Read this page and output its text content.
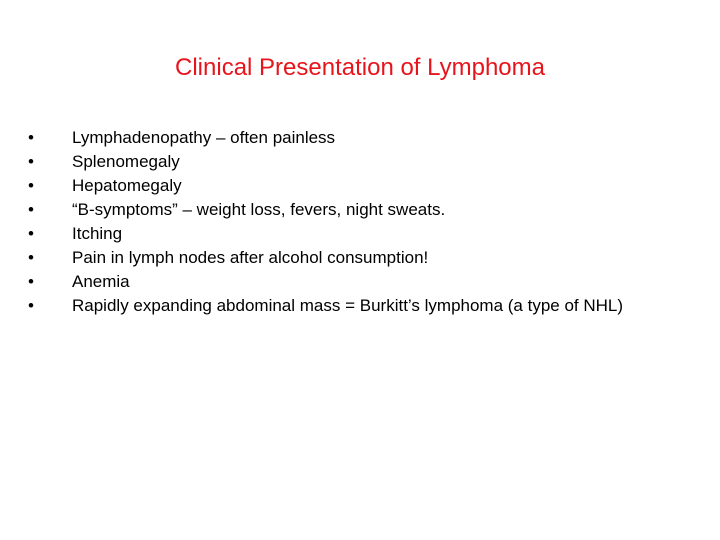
Clinical Presentation of Lymphoma
•	Lymphadenopathy – often painless
•	Splenomegaly
•	Hepatomegaly
•	“B-symptoms” – weight loss, fevers, night sweats.
•	Itching
•	Pain in lymph nodes after alcohol consumption!
•	Anemia
•	Rapidly expanding abdominal mass = Burkitt’s lymphoma (a type of NHL)
